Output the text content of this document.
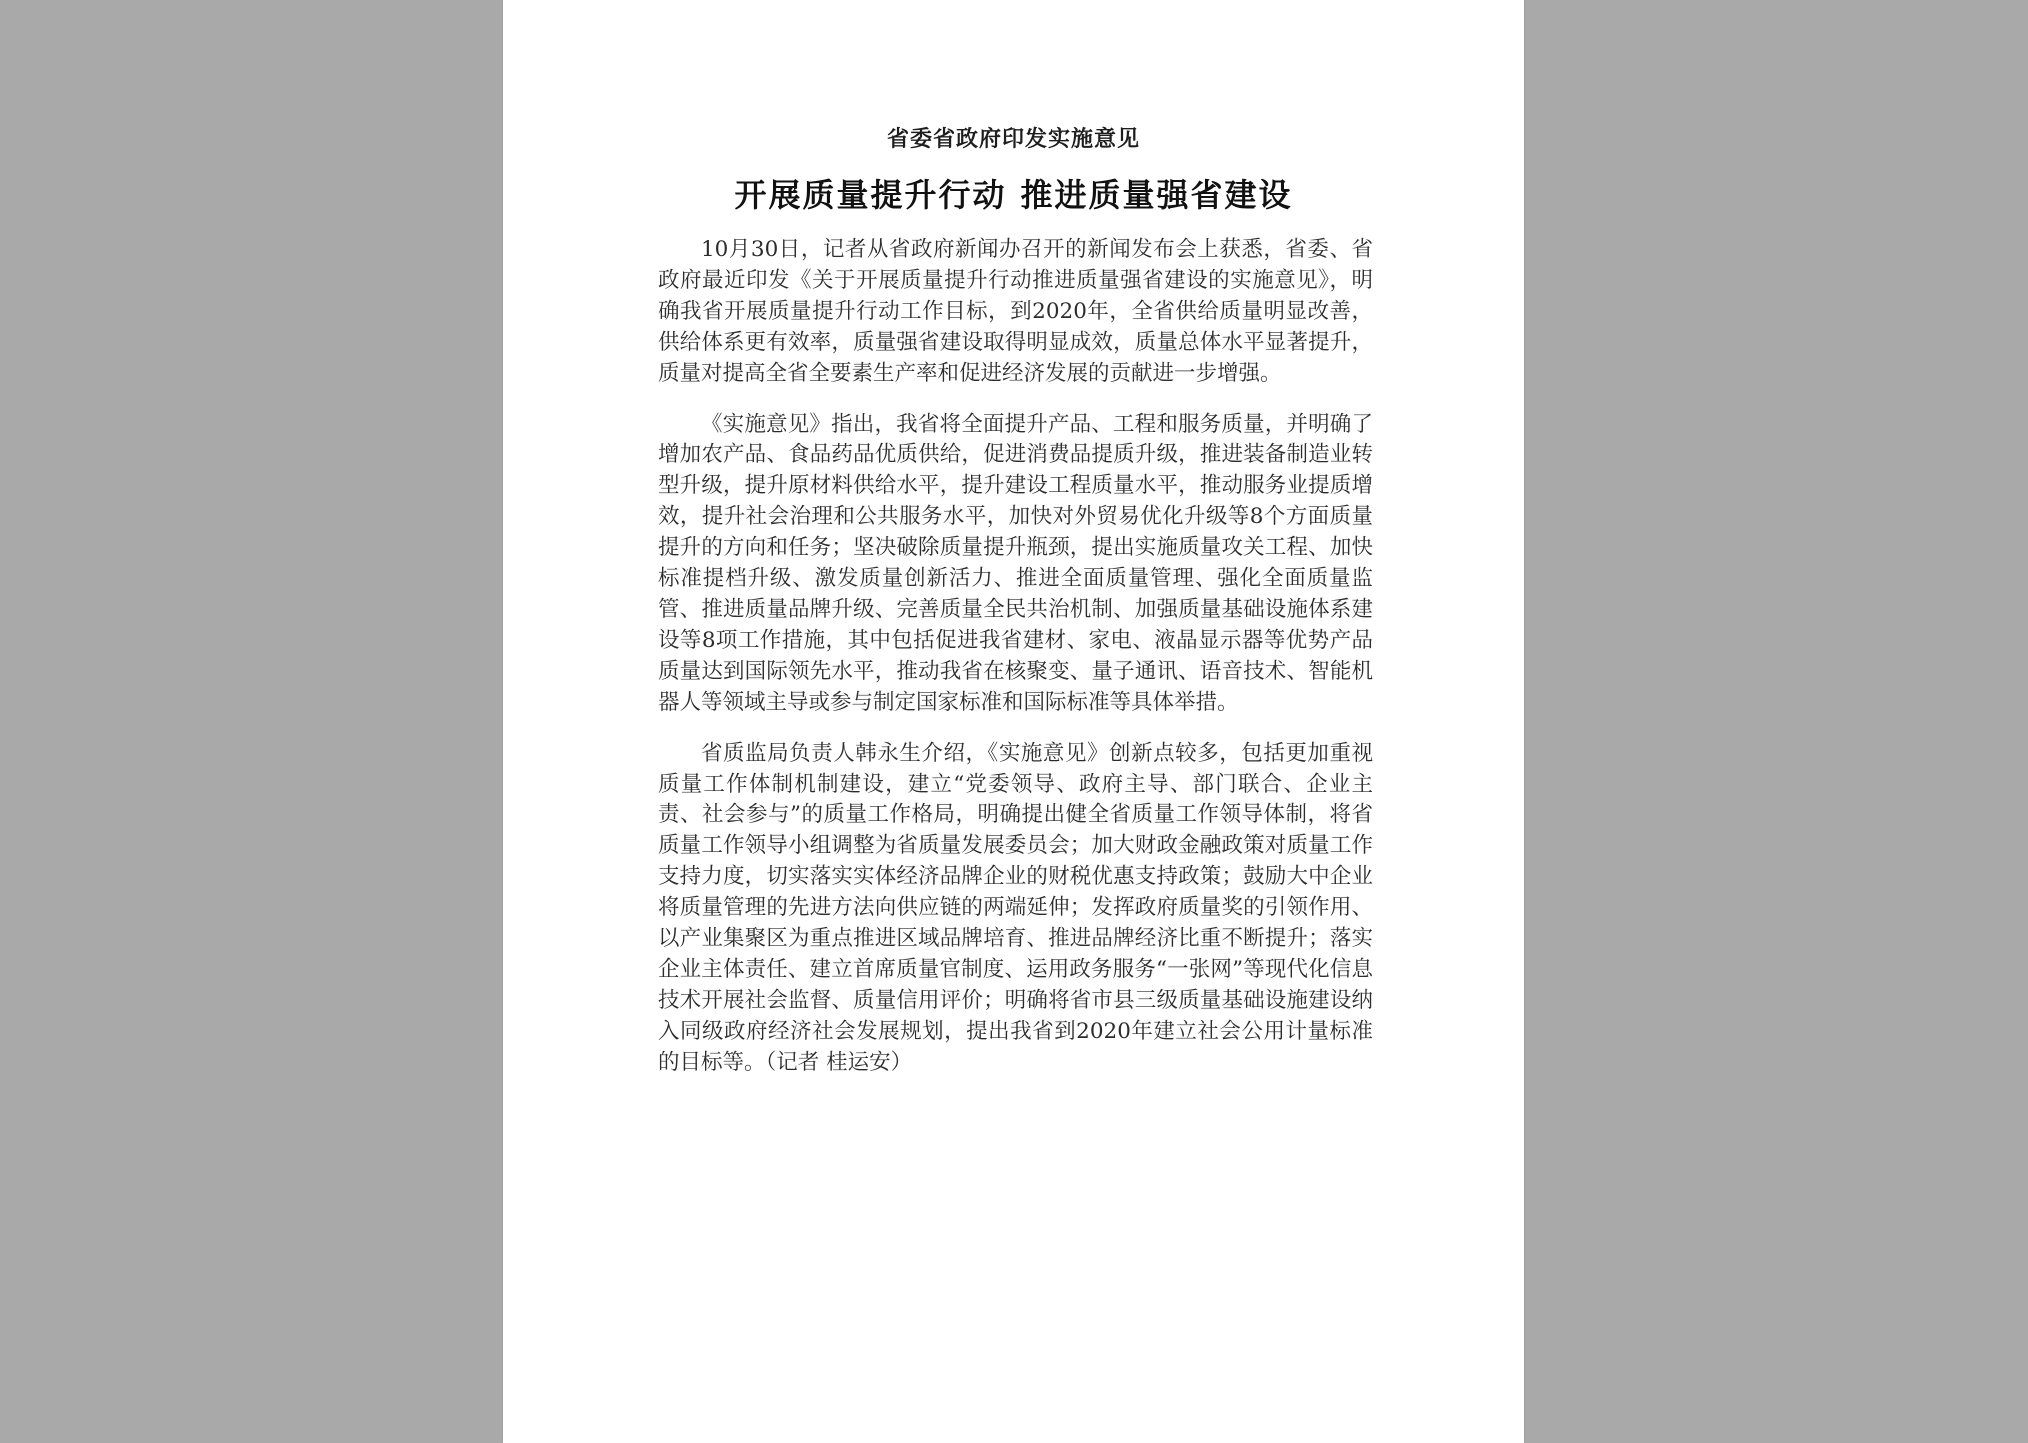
省委省政府印发实施意见
开展质量提升行动 推进质量强省建设

10月30日，记者从省政府新闻办召开的新闻发布会上获悉，省委、省政府最近印发《关于开展质量提升行动推进质量强省建设的实施意见》，明确我省开展质量提升行动工作目标，到2020年，全省供给质量明显改善，供给体系更有效率，质量强省建设取得明显成效，质量总体水平显著提升，质量对提高全省全要素生产率和促进经济发展的贡献进一步增强。

《实施意见》指出，我省将全面提升产品、工程和服务质量，并明确了增加农产品、食品药品优质供给，促进消费品提质升级，推进装备制造业转型升级，提升原材料供给水平，提升建设工程质量水平，推动服务业提质增效，提升社会治理和公共服务水平，加快对外贸易优化升级等8个方面质量提升的方向和任务；坚决破除质量提升瓶颈，提出实施质量攻关工程、加快标准提档升级、激发质量创新活力、推进全面质量管理、强化全面质量监管、推进质量品牌升级、完善质量全民共治机制、加强质量基础设施体系建设等8项工作措施，其中包括促进我省建材、家电、液晶显示器等优势产品质量达到国际领先水平，推动我省在核聚变、量子通讯、语音技术、智能机器人等领域主导或参与制定国家标准和国际标准等具体举措。

省质监局负责人韩永生介绍，《实施意见》创新点较多，包括更加重视质量工作体制机制建设，建立“党委领导、政府主导、部门联合、企业主责、社会参与”的质量工作格局，明确提出健全省质量工作领导体制，将省质量工作领导小组调整为省质量发展委员会；加大财政金融政策对质量工作支持力度，切实落实实体经济品牌企业的财税优惠支持政策；鼓励大中企业将质量管理的先进方法向供应链的两端延伸；发挥政府质量奖的引领作用、以产业集聚区为重点推进区域品牌培育、推进品牌经济比重不断提升；落实企业主体责任、建立首席质量官制度、运用政务服务“一张网”等现代化信息技术开展社会监督、质量信用评价；明确将省市县三级质量基础设施建设纳入同级政府经济社会发展规划，提出我省到2020年建立社会公用计量标准的目标等。（记者 桂运安）
